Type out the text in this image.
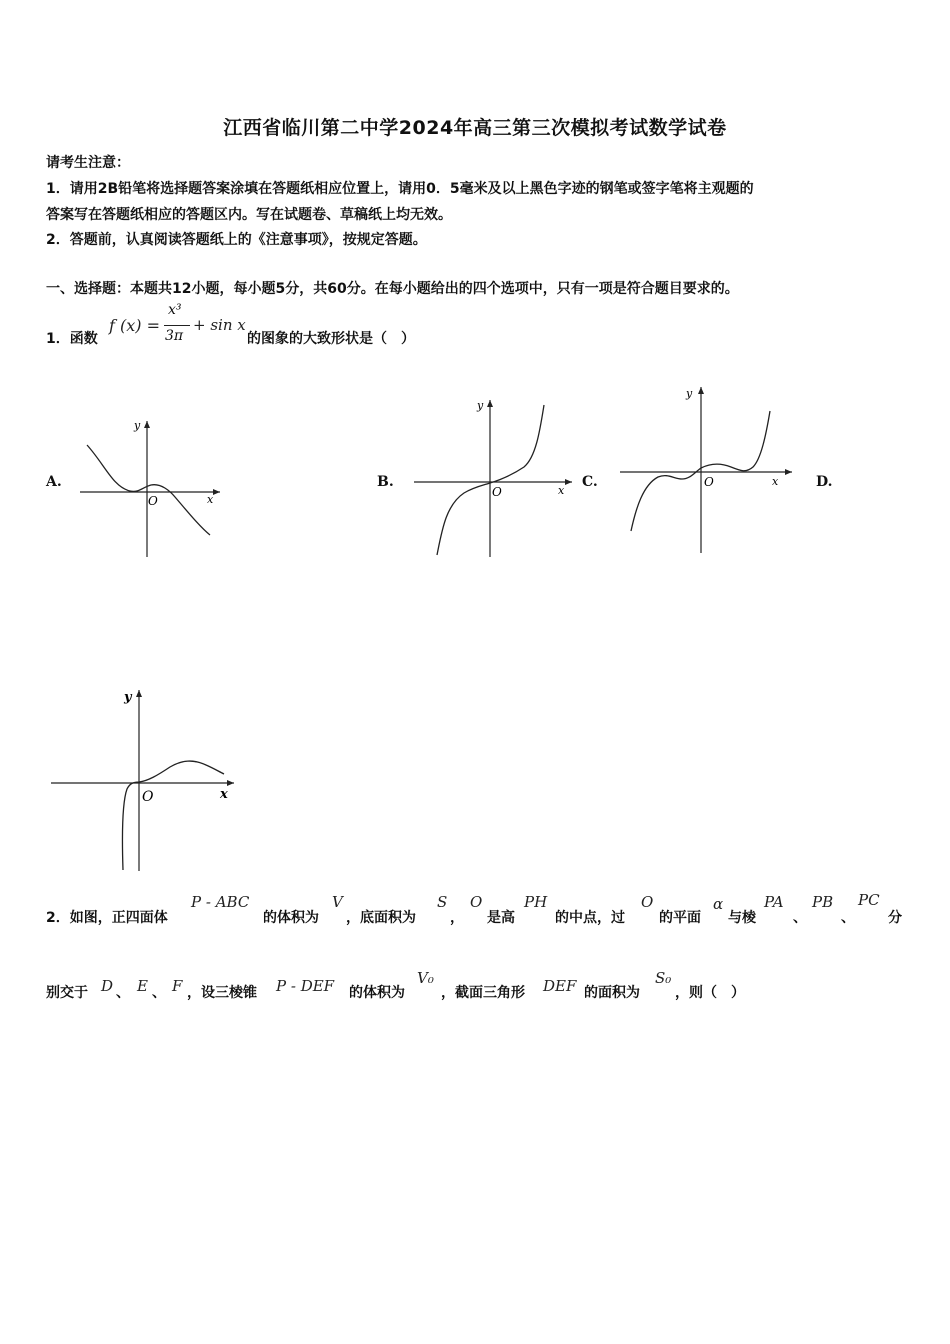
江西省临川第二中学2024年高三第三次模拟考试数学试卷
请考生注意：
1．请用2B铅笔将选择题答案涂填在答题纸相应位置上，请用0．5毫米及以上黑色字迹的钢笔或签字笔将主观题的
答案写在答题纸相应的答题区内。写在试题卷、草稿纸上均无效。
2．答题前，认真阅读答题纸上的《注意事项》，按规定答题。
一、选择题：本题共12小题，每小题5分，共60分。在每小题给出的四个选项中，只有一项是符合题目要求的。
1．函数
f (x) =
x³
3π
+ sin x
的图象的大致形状是（　）
A.	B.	C.	D.
y
x
O
y
x
O
y
x
O
y
x
O
2．如图，正四面体
P - ABC
的体积为
V
，底面积为
S
，
O
是高
PH
的中点，过
O
的平面
α
与棱
PA
、
PB
、
PC
分
别交于 D 、 E 、 F ，设三棱锥 P - DEF 的体积为
V₀
，截面三角形 DEF 的面积为
S₀
，则（　）
